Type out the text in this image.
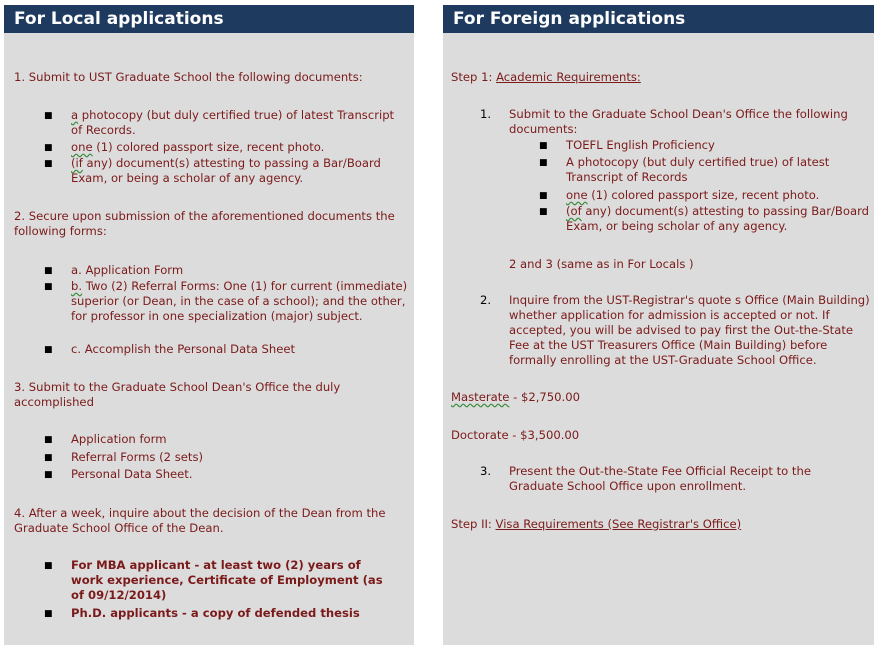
For Local applications
1. Submit to UST Graduate School the following documents:
■ a photocopy (but duly certified true) of latest Transcript of Records.
■ one (1) colored passport size, recent photo.
■ (if any) document(s) attesting to passing a Bar/Board Exam, or being a scholar of any agency.
2. Secure upon submission of the aforementioned documents the following forms:
■ a. Application Form
■ b. Two (2) Referral Forms: One (1) for current (immediate) superior (or Dean, in the case of a school); and the other, for professor in one specialization (major) subject.
■ c. Accomplish the Personal Data Sheet
3. Submit to the Graduate School Dean's Office the duly accomplished
■ Application form
■ Referral Forms (2 sets)
■ Personal Data Sheet.
4. After a week, inquire about the decision of the Dean from the Graduate School Office of the Dean.
■ For MBA applicant - at least two (2) years of work experience, Certificate of Employment (as of 09/12/2014)
■ Ph.D. applicants - a copy of defended thesis
For Foreign applications
Step 1: Academic Requirements:
1. Submit to the Graduate School Dean's Office the following documents:
■ TOEFL English Proficiency
■ A photocopy (but duly certified true) of latest Transcript of Records
■ one (1) colored passport size, recent photo.
■ (of any) document(s) attesting to passing Bar/Board Exam, or being scholar of any agency.
2 and 3 (same as in For Locals )
2. Inquire from the UST-Registrar's quote s Office (Main Building) whether application for admission is accepted or not. If accepted, you will be advised to pay first the Out-the-State Fee at the UST Treasurers Office (Main Building) before formally enrolling at the UST-Graduate School Office.
Masterate - $2,750.00
Doctorate - $3,500.00
3. Present the Out-the-State Fee Official Receipt to the Graduate School Office upon enrollment.
Step II: Visa Requirements (See Registrar's Office)
